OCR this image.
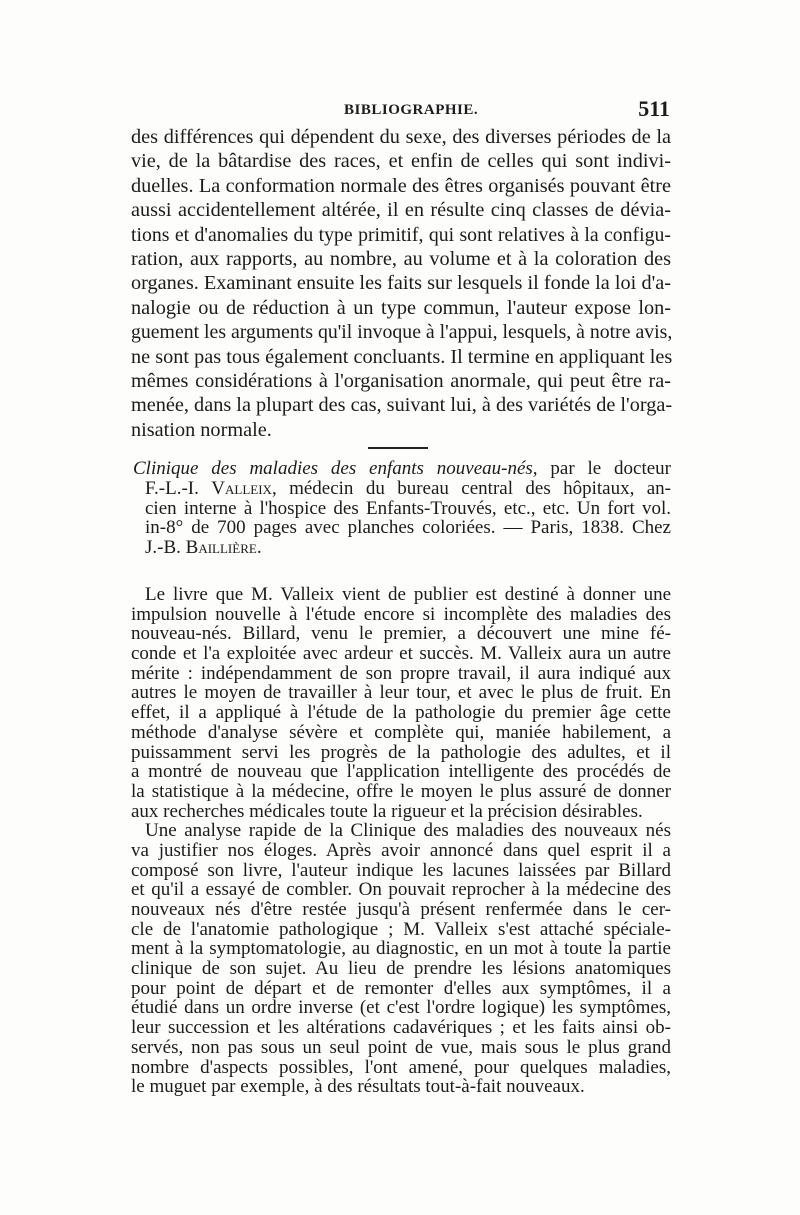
BIBLIOGRAPHIE.	511
des différences qui dépendent du sexe, des diverses périodes de la
vie, de la bâtardise des races, et enfin de celles qui sont indivi-
duelles. La conformation normale des êtres organisés pouvant être
aussi accidentellement altérée, il en résulte cinq classes de dévia-
tions et d'anomalies du type primitif, qui sont relatives à la configu-
ration, aux rapports, au nombre, au volume et à la coloration des
organes. Examinant ensuite les faits sur lesquels il fonde la loi d'a-
nalogie ou de réduction à un type commun, l'auteur expose lon-
guement les arguments qu'il invoque à l'appui, lesquels, à notre avis,
ne sont pas tous également concluants. Il termine en appliquant les
mêmes considérations à l'organisation anormale, qui peut être ra-
menée, dans la plupart des cas, suivant lui, à des variétés de l'orga-
nisation normale.
Clinique des maladies des enfants nouveau-nés, par le docteur
F.-L.-I. Valleix, médecin du bureau central des hôpitaux, an-
cien interne à l'hospice des Enfants-Trouvés, etc., etc. Un fort vol.
in-8° de 700 pages avec planches coloriées. — Paris, 1838. Chez
J.-B. Baillière.
Le livre que M. Valleix vient de publier est destiné à donner une
impulsion nouvelle à l'étude encore si incomplète des maladies des
nouveau-nés. Billard, venu le premier, a découvert une mine fé-
conde et l'a exploitée avec ardeur et succès. M. Valleix aura un autre
mérite : indépendamment de son propre travail, il aura indiqué aux
autres le moyen de travailler à leur tour, et avec le plus de fruit. En
effet, il a appliqué à l'étude de la pathologie du premier âge cette
méthode d'analyse sévère et complète qui, maniée habilement, a
puissamment servi les progrès de la pathologie des adultes, et il
a montré de nouveau que l'application intelligente des procédés de
la statistique à la médecine, offre le moyen le plus assuré de donner
aux recherches médicales toute la rigueur et la précision désirables.
Une analyse rapide de la Clinique des maladies des nouveaux nés
va justifier nos éloges. Après avoir annoncé dans quel esprit il a
composé son livre, l'auteur indique les lacunes laissées par Billard
et qu'il a essayé de combler. On pouvait reprocher à la médecine des
nouveaux nés d'être restée jusqu'à présent renfermée dans le cer-
cle de l'anatomie pathologique ; M. Valleix s'est attaché spéciale-
ment à la symptomatologie, au diagnostic, en un mot à toute la partie
clinique de son sujet. Au lieu de prendre les lésions anatomiques
pour point de départ et de remonter d'elles aux symptômes, il a
étudié dans un ordre inverse (et c'est l'ordre logique) les symptômes,
leur succession et les altérations cadavériques ; et les faits ainsi ob-
servés, non pas sous un seul point de vue, mais sous le plus grand
nombre d'aspects possibles, l'ont amené, pour quelques maladies,
le muguet par exemple, à des résultats tout-à-fait nouveaux.
